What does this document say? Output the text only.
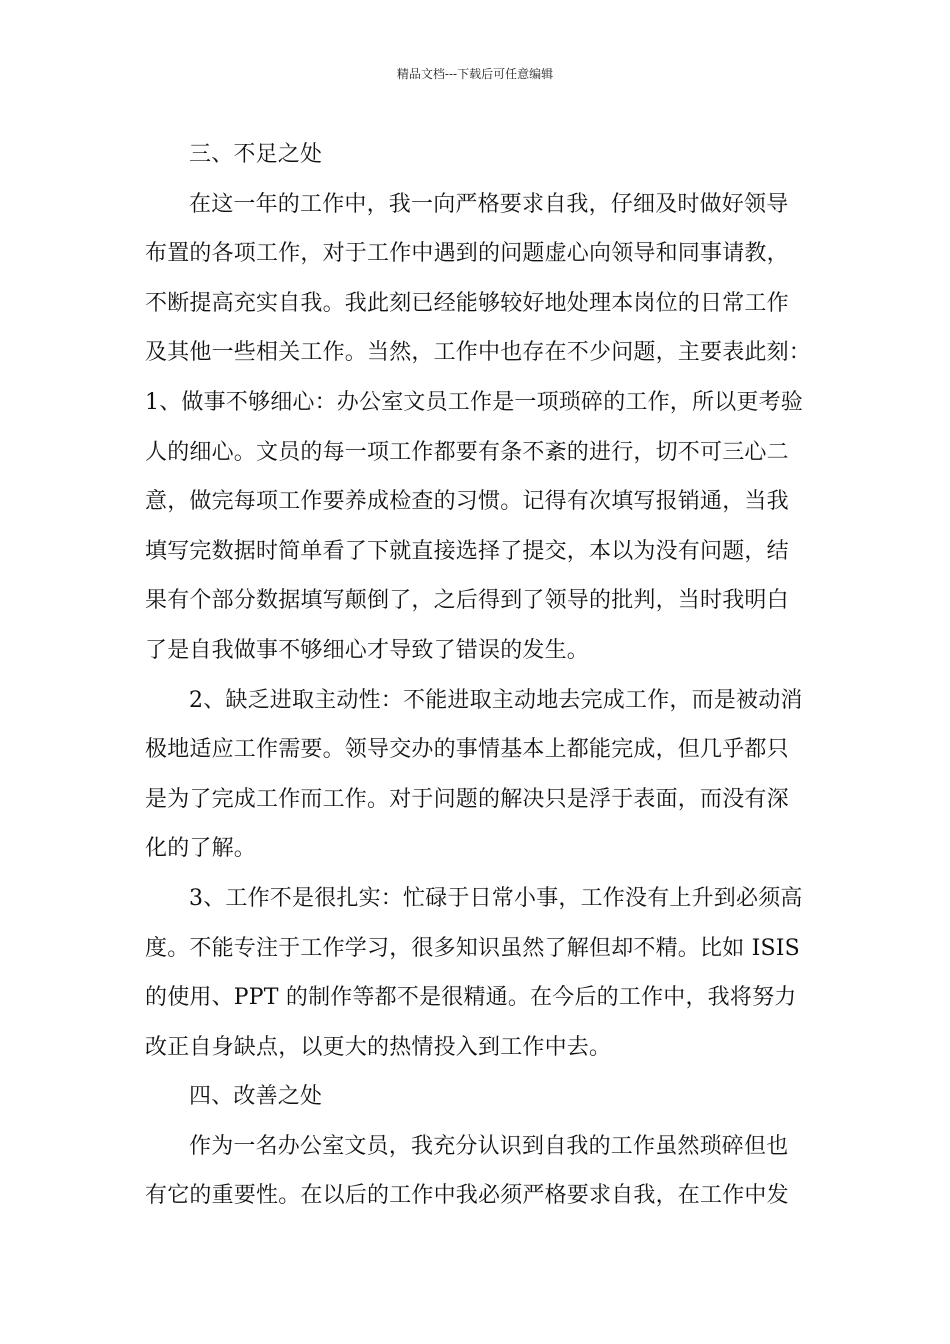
精品文档---下载后可任意编辑
三、不足之处
在这一年的工作中，我一向严格要求自我，仔细及时做好领导
布置的各项工作，对于工作中遇到的问题虚心向领导和同事请教，
不断提高充实自我。我此刻已经能够较好地处理本岗位的日常工作
及其他一些相关工作。当然，工作中也存在不少问题，主要表此刻：
1、做事不够细心：办公室文员工作是一项琐碎的工作，所以更考验
人的细心。文员的每一项工作都要有条不紊的进行，切不可三心二
意，做完每项工作要养成检查的习惯。记得有次填写报销通，当我
填写完数据时简单看了下就直接选择了提交，本以为没有问题，结
果有个部分数据填写颠倒了，之后得到了领导的批判，当时我明白
了是自我做事不够细心才导致了错误的发生。
2、缺乏进取主动性：不能进取主动地去完成工作，而是被动消
极地适应工作需要。领导交办的事情基本上都能完成，但几乎都只
是为了完成工作而工作。对于问题的解决只是浮于表面，而没有深
化的了解。
3、工作不是很扎实：忙碌于日常小事，工作没有上升到必须高
度。不能专注于工作学习，很多知识虽然了解但却不精。比如 ISIS
的使用、PPT 的制作等都不是很精通。在今后的工作中，我将努力
改正自身缺点，以更大的热情投入到工作中去。
四、改善之处
作为一名办公室文员，我充分认识到自我的工作虽然琐碎但也
有它的重要性。在以后的工作中我必须严格要求自我，在工作中发
